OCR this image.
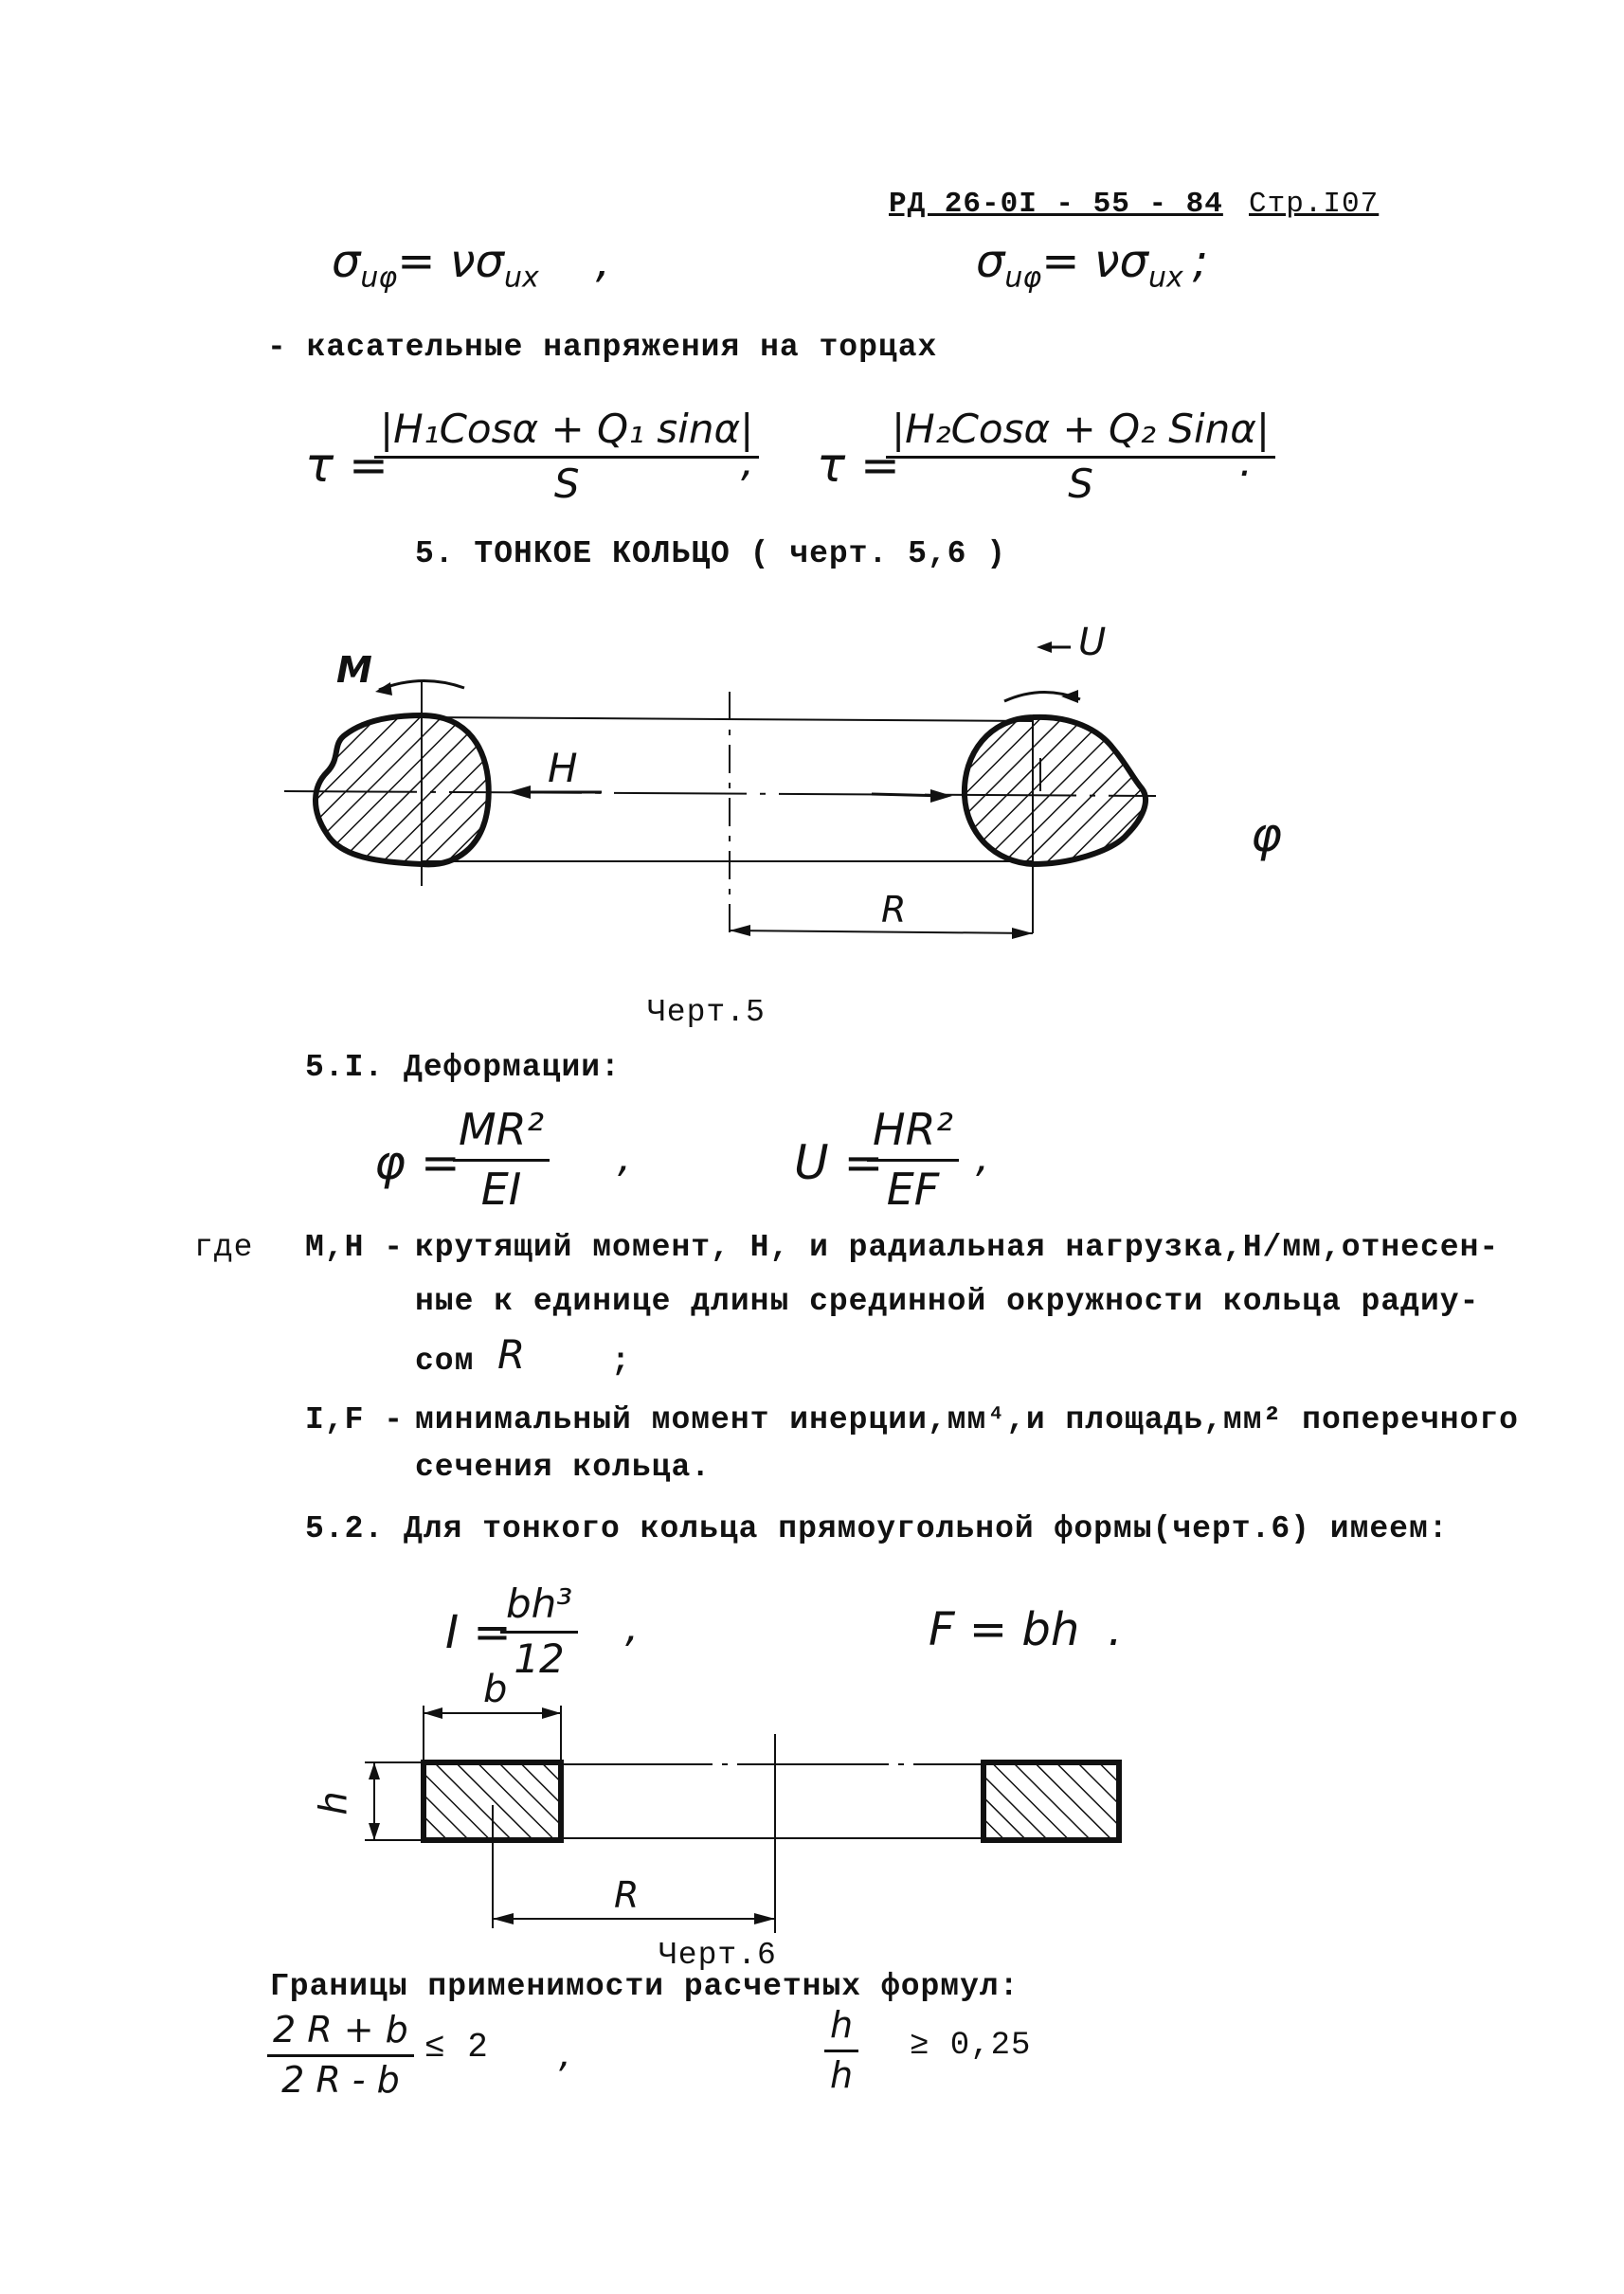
РД 26-0I - 55 - 84 Стр.I07
$\sigma_{u\varphi}= \nu\sigma_{ux}$ ,	$\sigma_{u\varphi}= \nu\sigma_{ux}$ ;
- касательные напряжения на торцах
τ =
|H₁Cosα + Q₁ sinα|
S	, τ =
|H₂Cosα + Q₂ Sinα|
S	.
5. ТОНКОЕ КОЛЬЦО ( черт. 5,6 )
M
H
U
R
φ
Черт.5
5.I. Деформации:
φ =
$\frac{\text{MR²}}{EI}$ ,	U =
$\frac{\text{HR²}}{EF}$ ,
где M,H - крутящий момент, Н, и радиальная нагрузка,Н/мм,отнесен-
ные к единице длины срединной окружности кольца радиу-
сом R	;
I,F - минимальный момент инерции,мм⁴,и площадь,мм² поперечного
сечения кольца.
5.2. Для тонкого кольца прямоугольной формы(черт.6) имеем:
I =
$\frac{\text{bh³}}{12}$ ,	F = bh .
b
h
R
Черт.6
Границы применимости расчетных формул:
$\frac{2 R + b}{2 R - b} \le 2$ ,	$\frac{h}{h} \ge 0,25$
